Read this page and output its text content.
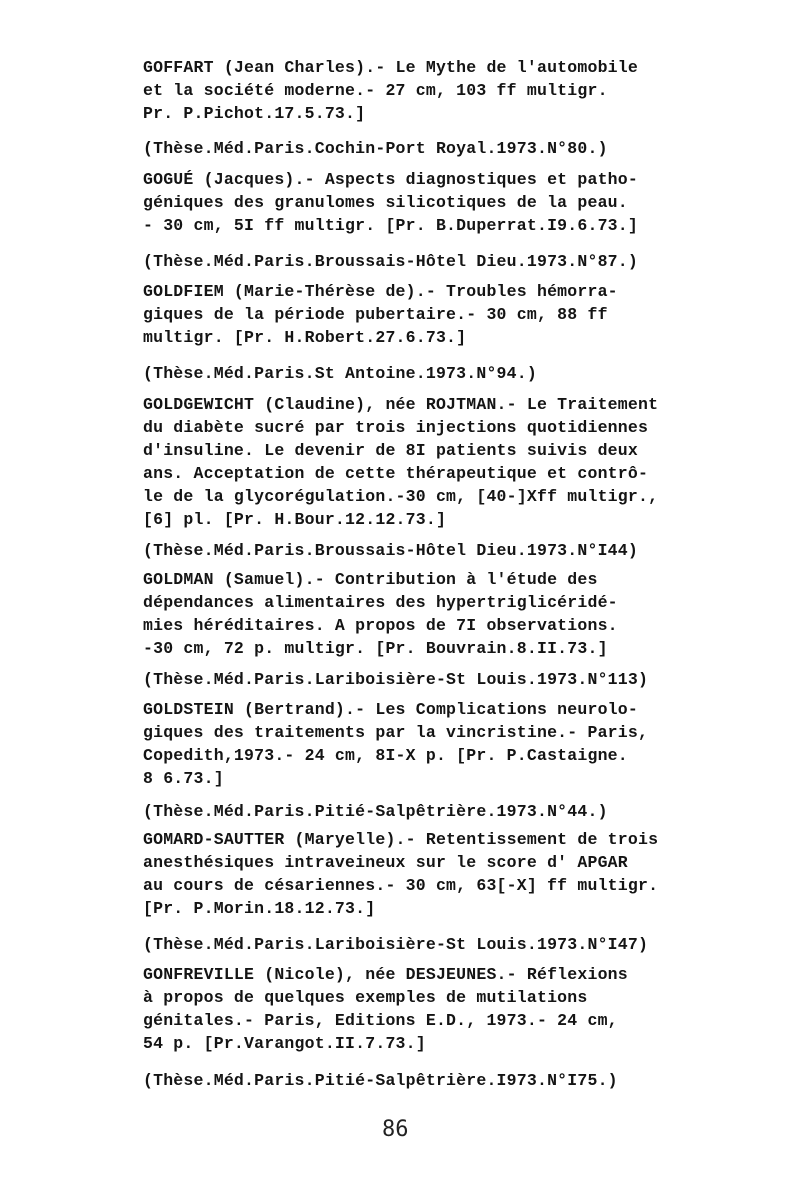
GOFFART (Jean Charles).- Le Mythe de l'automobile
et la société moderne.- 27 cm, 103 ff multigr.
Pr. P.Pichot.17.5.73.]
(Thèse.Méd.Paris.Cochin-Port Royal.1973.N°80.)
GOGUÉ (Jacques).- Aspects diagnostiques et patho-
géniques des granulomes silicotiques de la peau.
- 30 cm, 5I ff multigr. [Pr. B.Duperrat.I9.6.73.]
(Thèse.Méd.Paris.Broussais-Hôtel Dieu.1973.N°87.)
GOLDFIEM (Marie-Thérèse de).- Troubles hémorra-
giques de la période pubertaire.- 30 cm, 88 ff
multigr. [Pr. H.Robert.27.6.73.]
(Thèse.Méd.Paris.St Antoine.1973.N°94.)
GOLDGEWICHT (Claudine), née ROJTMAN.- Le Traitement
du diabète sucré par trois injections quotidiennes
d'insuline. Le devenir de 8I patients suivis deux
ans. Acceptation de cette thérapeutique et contrô-
le de la glycorégulation.-30 cm, [40-]Xff multigr.,
[6] pl. [Pr. H.Bour.12.12.73.]
(Thèse.Méd.Paris.Broussais-Hôtel Dieu.1973.N°I44)
GOLDMAN (Samuel).- Contribution à l'étude des
dépendances alimentaires des hypertriglicéridé-
mies héréditaires. A propos de 7I observations.
-30 cm, 72 p. multigr. [Pr. Bouvrain.8.II.73.]
(Thèse.Méd.Paris.Lariboisière-St Louis.1973.N°113)
GOLDSTEIN (Bertrand).- Les Complications neurolo-
giques des traitements par la vincristine.- Paris,
Copedith,1973.- 24 cm, 8I-X p. [Pr. P.Castaigne.
8 6.73.]
(Thèse.Méd.Paris.Pitié-Salpêtrière.1973.N°44.)
GOMARD-SAUTTER (Maryelle).- Retentissement de trois
anesthésiques intraveineux sur le score d' APGAR
au cours de césariennes.- 30 cm, 63[-X] ff multigr.
[Pr. P.Morin.18.12.73.]
(Thèse.Méd.Paris.Lariboisière-St Louis.1973.N°I47)
GONFREVILLE (Nicole), née DESJEUNES.- Réflexions
à propos de quelques exemples de mutilations
génitales.- Paris, Editions E.D., 1973.- 24 cm,
54 p. [Pr.Varangot.II.7.73.]
(Thèse.Méd.Paris.Pitié-Salpêtrière.I973.N°I75.)
86
